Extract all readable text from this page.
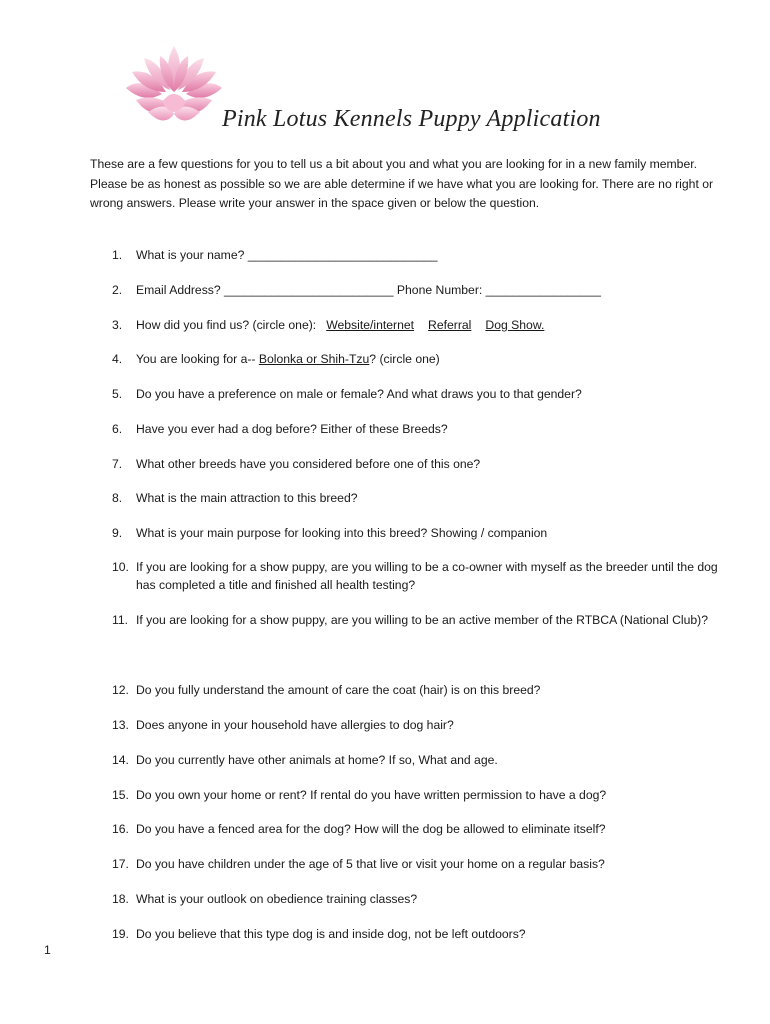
Pink Lotus Kennels Puppy Application

These are a few questions for you to tell us a bit about you and what you are looking for in a new family member. Please be as honest as possible so we are able determine if we have what you are looking for. There are no right or wrong answers. Please write your answer in the space given or below the question.

1. What is your name? ____________________________
2. Email Address? _________________________ Phone Number: _________________
3. How did you find us? (circle one): Website/internet Referral Dog Show.
4. You are looking for a-- Bolonka or Shih-Tzu? (circle one)
5. Do you have a preference on male or female? And what draws you to that gender?
6. Have you ever had a dog before? Either of these Breeds?
7. What other breeds have you considered before one of this one?
8. What is the main attraction to this breed?
9. What is your main purpose for looking into this breed? Showing / companion
10. If you are looking for a show puppy, are you willing to be a co-owner with myself as the breeder until the dog has completed a title and finished all health testing?
11. If you are looking for a show puppy, are you willing to be an active member of the RTBCA (National Club)?
12. Do you fully understand the amount of care the coat (hair) is on this breed?
13. Does anyone in your household have allergies to dog hair?
14. Do you currently have other animals at home? If so, What and age.
15. Do you own your home or rent? If rental do you have written permission to have a dog?
16. Do you have a fenced area for the dog? How will the dog be allowed to eliminate itself?
17. Do you have children under the age of 5 that live or visit your home on a regular basis?
18. What is your outlook on obedience training classes?
19. Do you believe that this type dog is and inside dog, not be left outdoors?
1
